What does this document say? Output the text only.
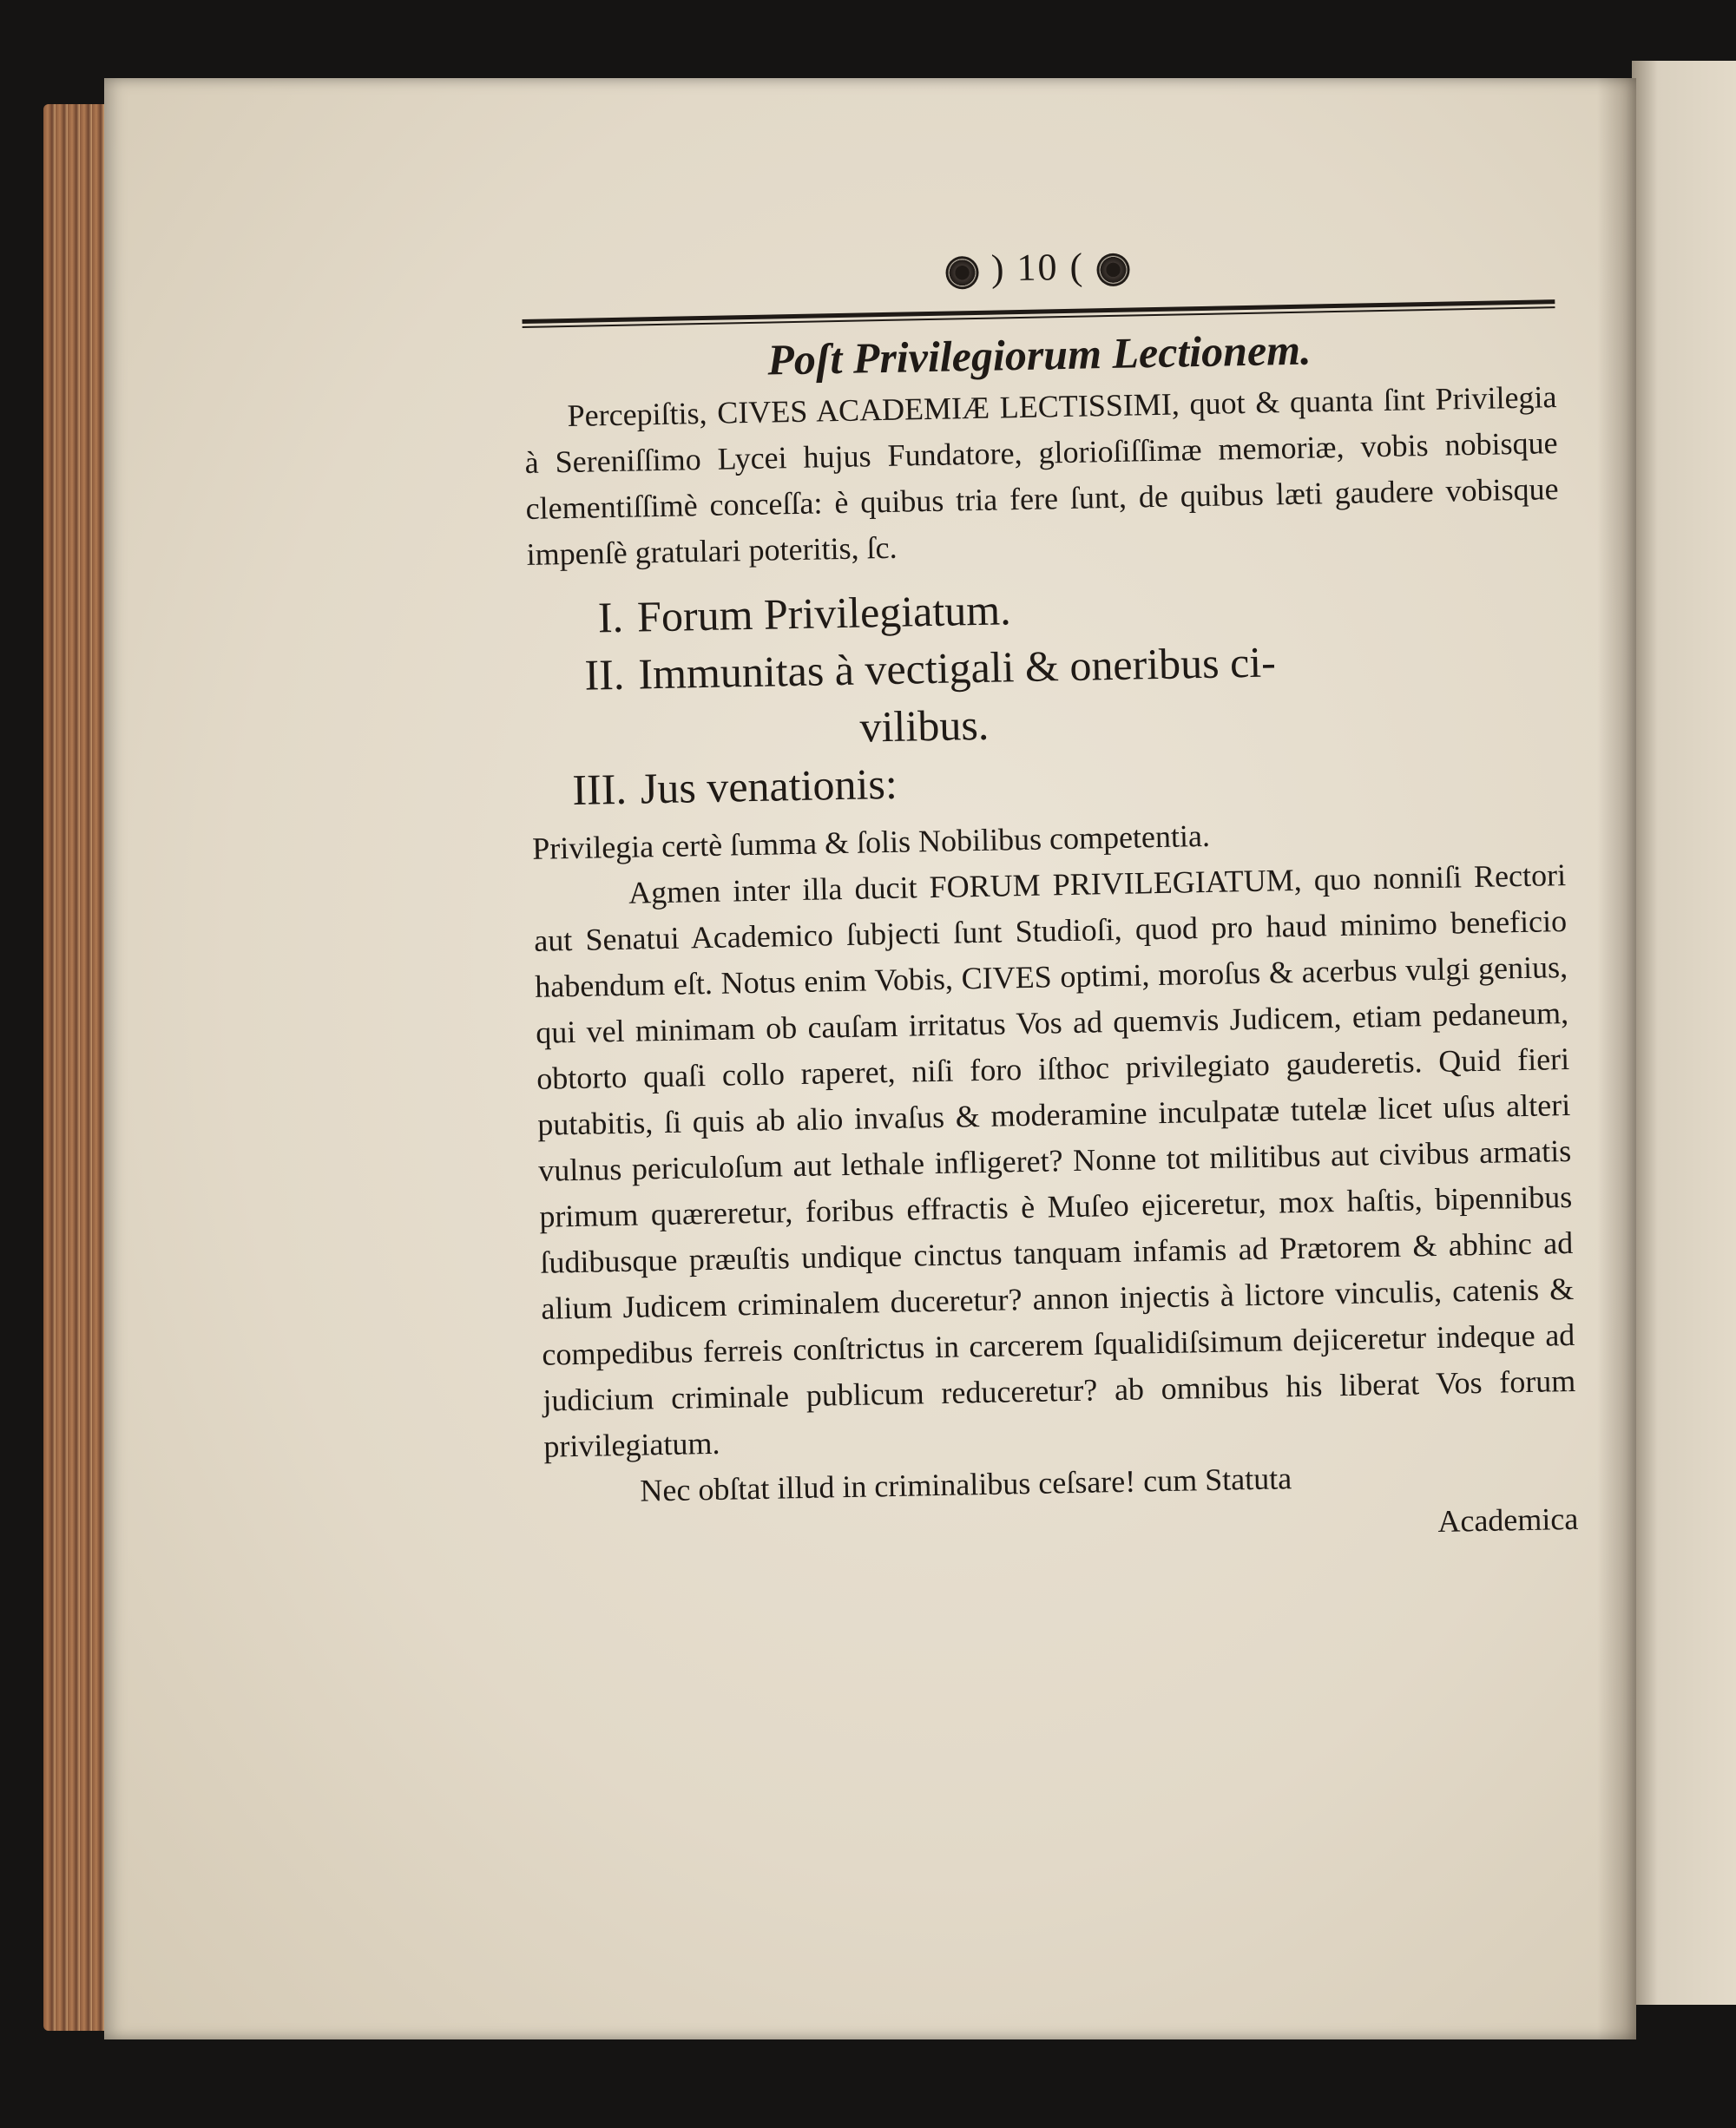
) 10 (
Poſt Privilegiorum Lectionem.

Percepiſtis, CIVES ACADEMIÆ LECTISSIMI, quot & quanta ſint Privilegia à Sereniſſimo Lycei hujus Fundatore, glorioſiſſimæ memoriæ, vobis nobisque clementiſſimè conceſſa: è quibus tria fere ſunt, de quibus læti gaudere vobisque impenſè gratulari poteritis, ſc.

I. Forum Privilegiatum.
II. Immunitas à vectigali & oneribus ci-
vilibus.
III. Jus venationis:

Privilegia certè ſumma & ſolis Nobilibus competentia.

Agmen inter illa ducit FORUM PRIVILEGIATUM, quo nonniſi Rectori aut Senatui Academico ſubjecti ſunt Studioſi, quod pro haud minimo beneficio habendum eſt. Notus enim Vobis, CIVES optimi, moroſus & acerbus vulgi genius, qui vel minimam ob cauſam irritatus Vos ad quemvis Judicem, etiam pedaneum, obtorto quaſi collo raperet, niſi foro iſthoc privilegiato gauderetis. Quid fieri putabitis, ſi quis ab alio invaſus & moderamine inculpatæ tutelæ licet uſus alteri vulnus periculoſum aut lethale infligeret? Nonne tot militibus aut civibus armatis primum quæreretur, foribus effractis è Muſeo ejiceretur, mox haſtis, bipennibus ſudibusque præuſtis undique cinctus tanquam infamis ad Prætorem & abhinc ad alium Judicem criminalem duceretur? annon injectis à lictore vinculis, catenis & compedibus ferreis conſtrictus in carcerem ſqualidiſsimum dejiceretur indeque ad judicium criminale publicum reduceretur? ab omnibus his liberat Vos forum privilegiatum.

Nec obſtat illud in criminalibus ceſsare! cum Statuta

Academica
